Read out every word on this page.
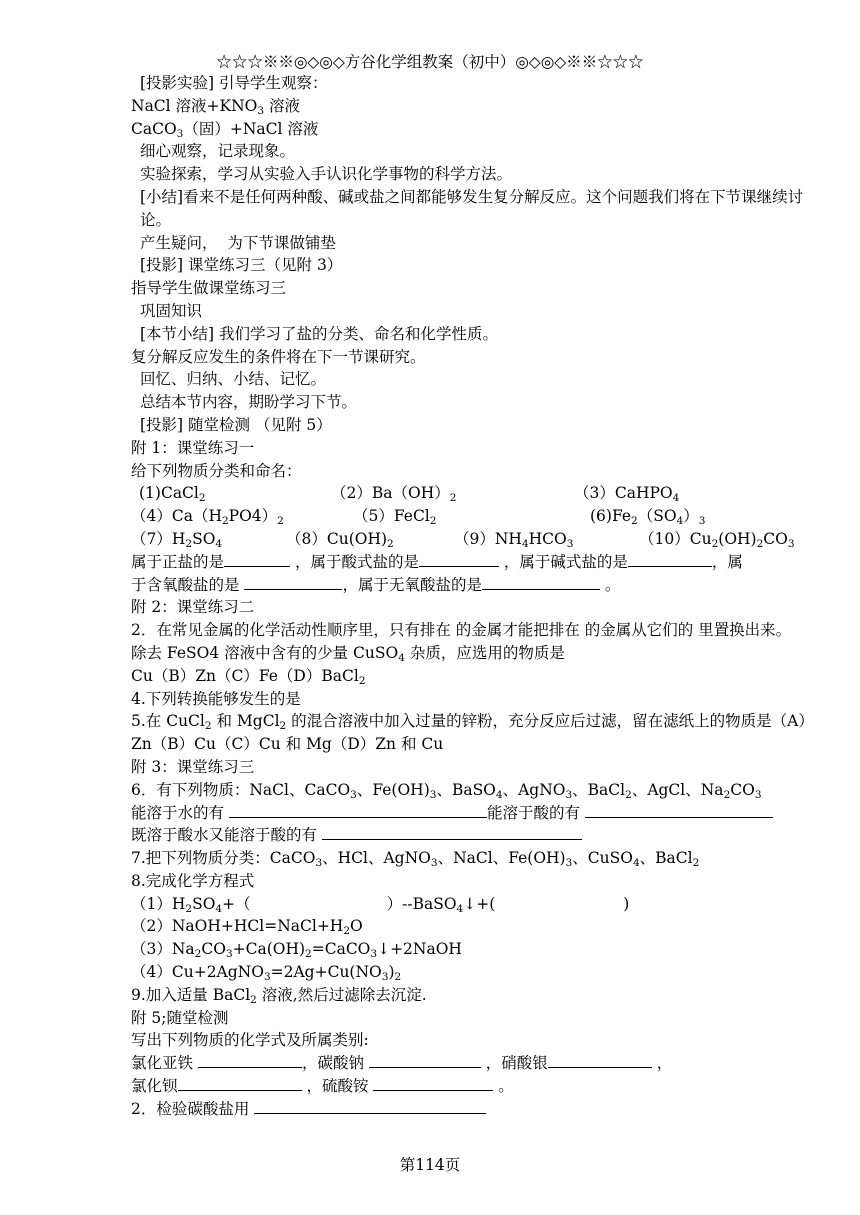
☆☆☆※※◎◇◎◇方谷化学组教案（初中）◎◇◎◇※※☆☆☆
[投影实验] 引导学生观察：
NaCl 溶液$+KNO_3$ 溶液
CaCO$_3$（固）+NaCl 溶液
细心观察，记录现象。
实验探索，学习从实验入手认识化学事物的科学方法。
[小结]看来不是任何两种酸、碱或盐之间都能够发生复分解反应。这个问题我们将在下节课继续讨论。
产生疑问，  为下节课做铺垫
[投影] 课堂练习三（见附 3）
指导学生做课堂练习三
巩固知识
[本节小结] 我们学习了盐的分类、命名和化学性质。
复分解反应发生的条件将在下一节课研究。
回忆、归纳、小结、记忆。
总结本节内容，期盼学习下节。
[投影] 随堂检测 （见附 5）
附 1：课堂练习一
给下列物质分类和命名：
(1)CaCl$_2$	$(2)Ba(OH)_2$	（3）CaHPO$_4$
$(4)Ca(H_2PO4)_2$	（5）FeCl$_2$	$(6)Fe_2(SO_4)_3$
$(7)H_2SO_4$	$(8)Cu(OH)_2$	$(9)NH_4HCO_3$	$(10)Cu_2(OH)_2CO_3$
属于正盐的是	，属于酸式盐的是	，属于碱式盐的是	，属
于含氧酸盐的是	，属于无氧酸盐的是	。
附 2：课堂练习二
2．在常见金属的化学活动性顺序里，只有排在 的金属才能把排在 的金属从它们的 里置换出来。
除去 FeSO4 溶液中含有的少量 CuSO$_4$ 杂质，应选用的物质是
Cu（B）Zn（C）Fe（D）BaCl$_2$
4.下列转换能够发生的是
5.在 CuCl$_2$ 和 MgCl$_2$ 的混合溶液中加入过量的锌粉，充分反应后过滤，留在滤纸上的物质是（A） Zn（B）Cu（C）Cu 和 Mg（D）Zn 和 Cu
附 3：课堂练习三
6．有下列物质：NaCl、CaCO$_3$、$Fe(OH)_3$、BaSO$_4$、AgNO$_3$、BaCl$_2$、AgCl、$Na_2CO_3$
能溶于水的有	能溶于酸的有
既溶于酸水又能溶于酸的有
7.把下列物质分类：CaCO$_3$、HCl、AgNO$_3$、NaCl、$Fe(OH)_3$、CuSO$_4$、BaCl$_2$
8.完成化学方程式
$(1)H_2SO_4+$（	）--BaSO$_4$↓+(	)
$(2)NaOH+HCl=NaCl+H_2O$
$(3)Na_2CO_3+Ca(OH)_2=CaCO_3↓+2NaOH$
$(4)Cu+2AgNO_3=2Ag+Cu(NO_3)_2$
9.加入适量 BaCl$_2$ 溶液,然后过滤除去沉淀.
附 5;随堂检测
写出下列物质的化学式及所属类别:
氯化亚铁	，碳酸钠	，硝酸银	，
氯化钡	，硫酸铵	。
2．检验碳酸盐用
第114页
